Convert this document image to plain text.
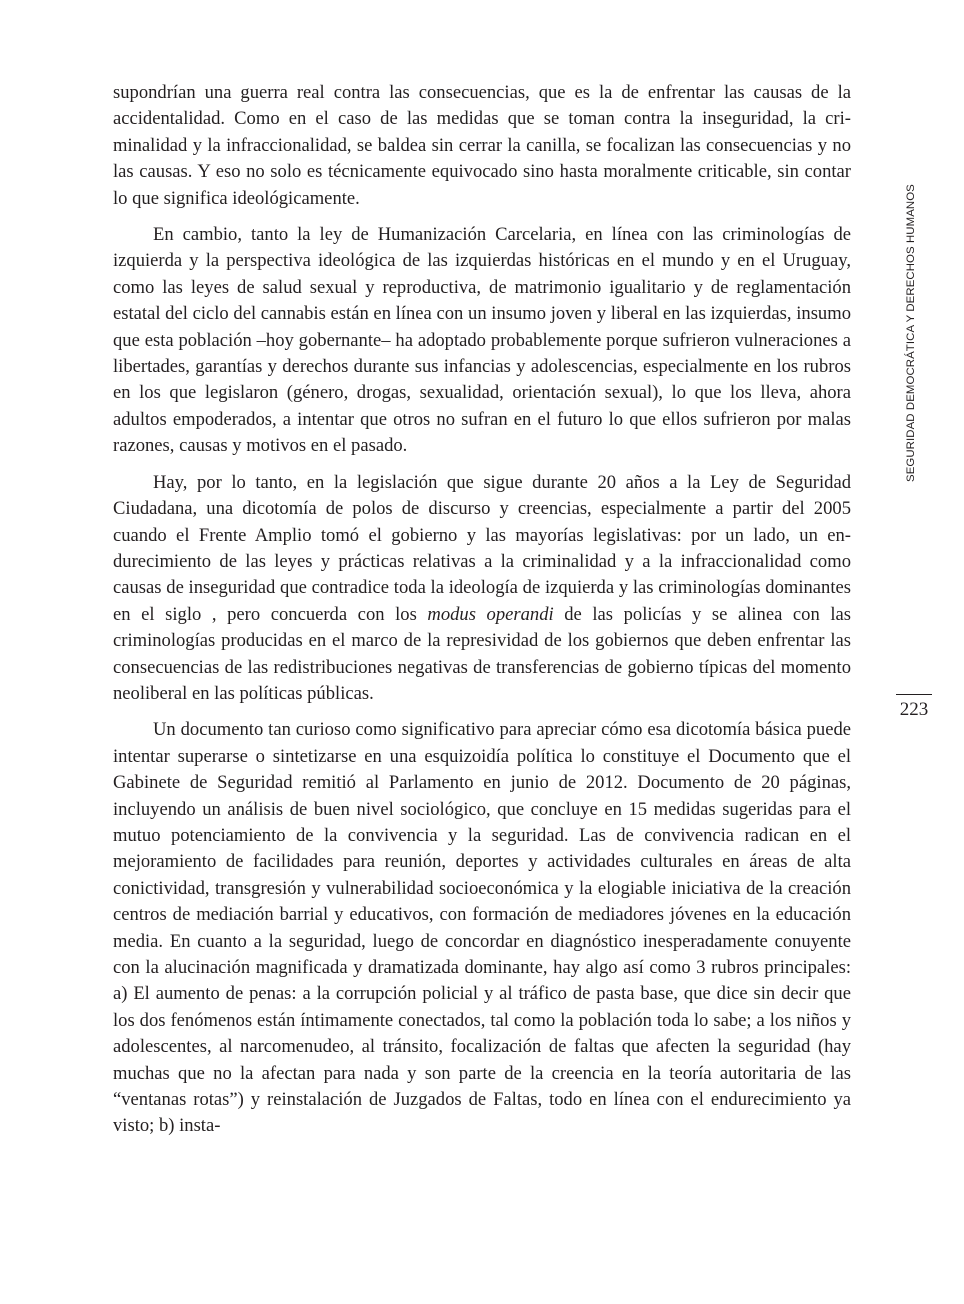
supondrían una guerra real contra las consecuencias, que es la de enfrentar las causas de la accidentalidad. Como en el caso de las medidas que se toman contra la inseguridad, la criminalidad y la infraccionalidad, se baldea sin cerrar la canilla, se focalizan las consecuencias y no las causas. Y eso no solo es técnicamente equivocado sino hasta moralmente criticable, sin contar lo que significa ideológicamente.

En cambio, tanto la ley de Humanización Carcelaria, en línea con las criminologías de izquierda y la perspectiva ideológica de las izquierdas históricas en el mundo y en el Uruguay, como las leyes de salud sexual y reproductiva, de matrimonio igualitario y de reglamentación estatal del ciclo del cannabis están en línea con un insumo joven y liberal en las izquierdas, insumo que esta población –hoy gobernante– ha adoptado probablemente porque sufrieron vulneraciones a libertades, garantías y derechos durante sus infancias y adolescencias, especialmente en los rubros en los que legislaron (género, drogas, sexualidad, orientación sexual), lo que los lleva, ahora adultos empoderados, a intentar que otros no sufran en el futuro lo que ellos sufrieron por malas razones, causas y motivos en el pasado.

Hay, por lo tanto, en la legislación que sigue durante 20 años a la Ley de Seguridad Ciudadana, una dicotomía de polos de discurso y creencias, especialmente a partir del 2005 cuando el Frente Amplio tomó el gobierno y las mayorías legislativas: por un lado, un endurecimiento de las leyes y prácticas relativas a la criminalidad y a la infraccionalidad como causas de inseguridad que contradice toda la ideología de izquierda y las criminologías dominantes en el siglo , pero concuerda con los modus operandi de las policías y se alinea con las criminologías producidas en el marco de la represividad de los gobiernos que deben enfrentar las consecuencias de las redistribuciones negativas de transferencias de gobierno típicas del momento neoliberal en las políticas públicas.

Un documento tan curioso como significativo para apreciar cómo esa dicotomía básica puede intentar superarse o sintetizarse en una esquizoidía política lo constituye el Documento que el Gabinete de Seguridad remitió al Parlamento en junio de 2012. Documento de 20 páginas, incluyendo un análisis de buen nivel sociológico, que concluye en 15 medidas sugeridas para el mutuo potenciamiento de la convivencia y la seguridad. Las de convivencia radican en el mejoramiento de facilidades para reunión, deportes y actividades culturales en áreas de alta conictividad, transgresión y vulnerabilidad socioeconómica y la elogiable iniciativa de la creación centros de mediación barrial y educativos, con formación de mediadores jóvenes en la educación media. En cuanto a la seguridad, luego de concordar en diagnóstico inesperadamente conuyente con la alucinación magnificada y dramatizada dominante, hay algo así como 3 rubros principales: a) El aumento de penas: a la corrupción policial y al tráfico de pasta base, que dice sin decir que los dos fenómenos están íntimamente conectados, tal como la población toda lo sabe; a los niños y adolescentes, al narcomenudeo, al tránsito, focalización de faltas que afecten la seguridad (hay muchas que no la afectan para nada y son parte de la creencia en la teoría autoritaria de las “ventanas rotas”) y reinstalación de Juzgados de Faltas, todo en línea con el endurecimiento ya visto; b) insta-

SEGURIDAD DEMOCRÁTICA Y DERECHOS HUMANOS
223
